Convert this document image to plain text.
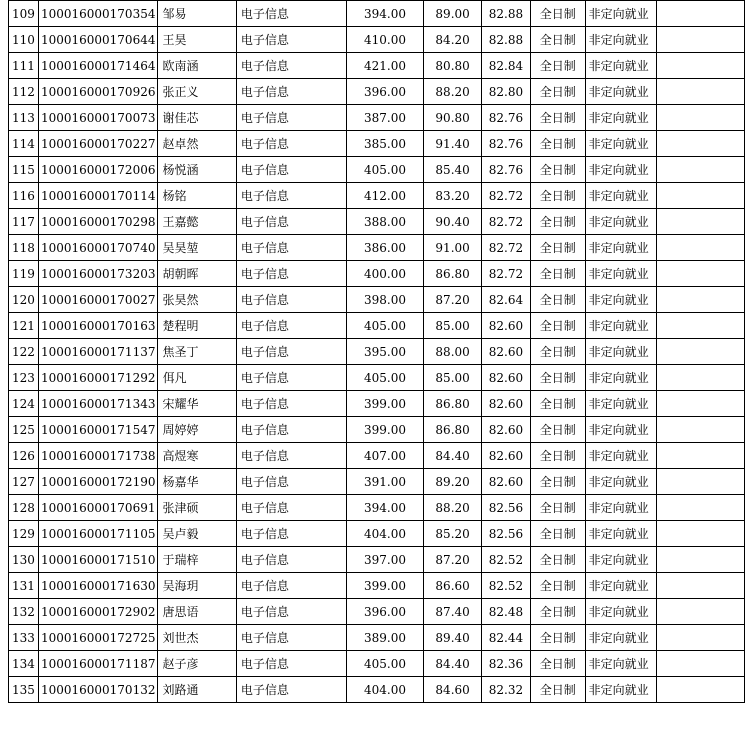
109	100016000170354	邹易	电子信息	394.00	89.00	82.88	全日制	非定向就业	
110	100016000170644	王昊	电子信息	410.00	84.20	82.88	全日制	非定向就业	
111	100016000171464	欧南涵	电子信息	421.00	80.80	82.84	全日制	非定向就业	
112	100016000170926	张正义	电子信息	396.00	88.20	82.80	全日制	非定向就业	
113	100016000170073	谢佳芯	电子信息	387.00	90.80	82.76	全日制	非定向就业	
114	100016000170227	赵卓然	电子信息	385.00	91.40	82.76	全日制	非定向就业	
115	100016000172006	杨悦涵	电子信息	405.00	85.40	82.76	全日制	非定向就业	
116	100016000170114	杨铭	电子信息	412.00	83.20	82.72	全日制	非定向就业	
117	100016000170298	王嘉懿	电子信息	388.00	90.40	82.72	全日制	非定向就业	
118	100016000170740	吴昊堃	电子信息	386.00	91.00	82.72	全日制	非定向就业	
119	100016000173203	胡朝晖	电子信息	400.00	86.80	82.72	全日制	非定向就业	
120	100016000170027	张昊然	电子信息	398.00	87.20	82.64	全日制	非定向就业	
121	100016000170163	楚程明	电子信息	405.00	85.00	82.60	全日制	非定向就业	
122	100016000171137	焦圣丁	电子信息	395.00	88.00	82.60	全日制	非定向就业	
123	100016000171292	佴凡	电子信息	405.00	85.00	82.60	全日制	非定向就业	
124	100016000171343	宋耀华	电子信息	399.00	86.80	82.60	全日制	非定向就业	
125	100016000171547	周婷婷	电子信息	399.00	86.80	82.60	全日制	非定向就业	
126	100016000171738	高煜寒	电子信息	407.00	84.40	82.60	全日制	非定向就业	
127	100016000172190	杨嘉华	电子信息	391.00	89.20	82.60	全日制	非定向就业	
128	100016000170691	张津硕	电子信息	394.00	88.20	82.56	全日制	非定向就业	
129	100016000171105	吴卢毅	电子信息	404.00	85.20	82.56	全日制	非定向就业	
130	100016000171510	于瑞梓	电子信息	397.00	87.20	82.52	全日制	非定向就业	
131	100016000171630	吴海玥	电子信息	399.00	86.60	82.52	全日制	非定向就业	
132	100016000172902	唐思语	电子信息	396.00	87.40	82.48	全日制	非定向就业	
133	100016000172725	刘世杰	电子信息	389.00	89.40	82.44	全日制	非定向就业	
134	100016000171187	赵子彦	电子信息	405.00	84.40	82.36	全日制	非定向就业	
135	100016000170132	刘路通	电子信息	404.00	84.60	82.32	全日制	非定向就业	
